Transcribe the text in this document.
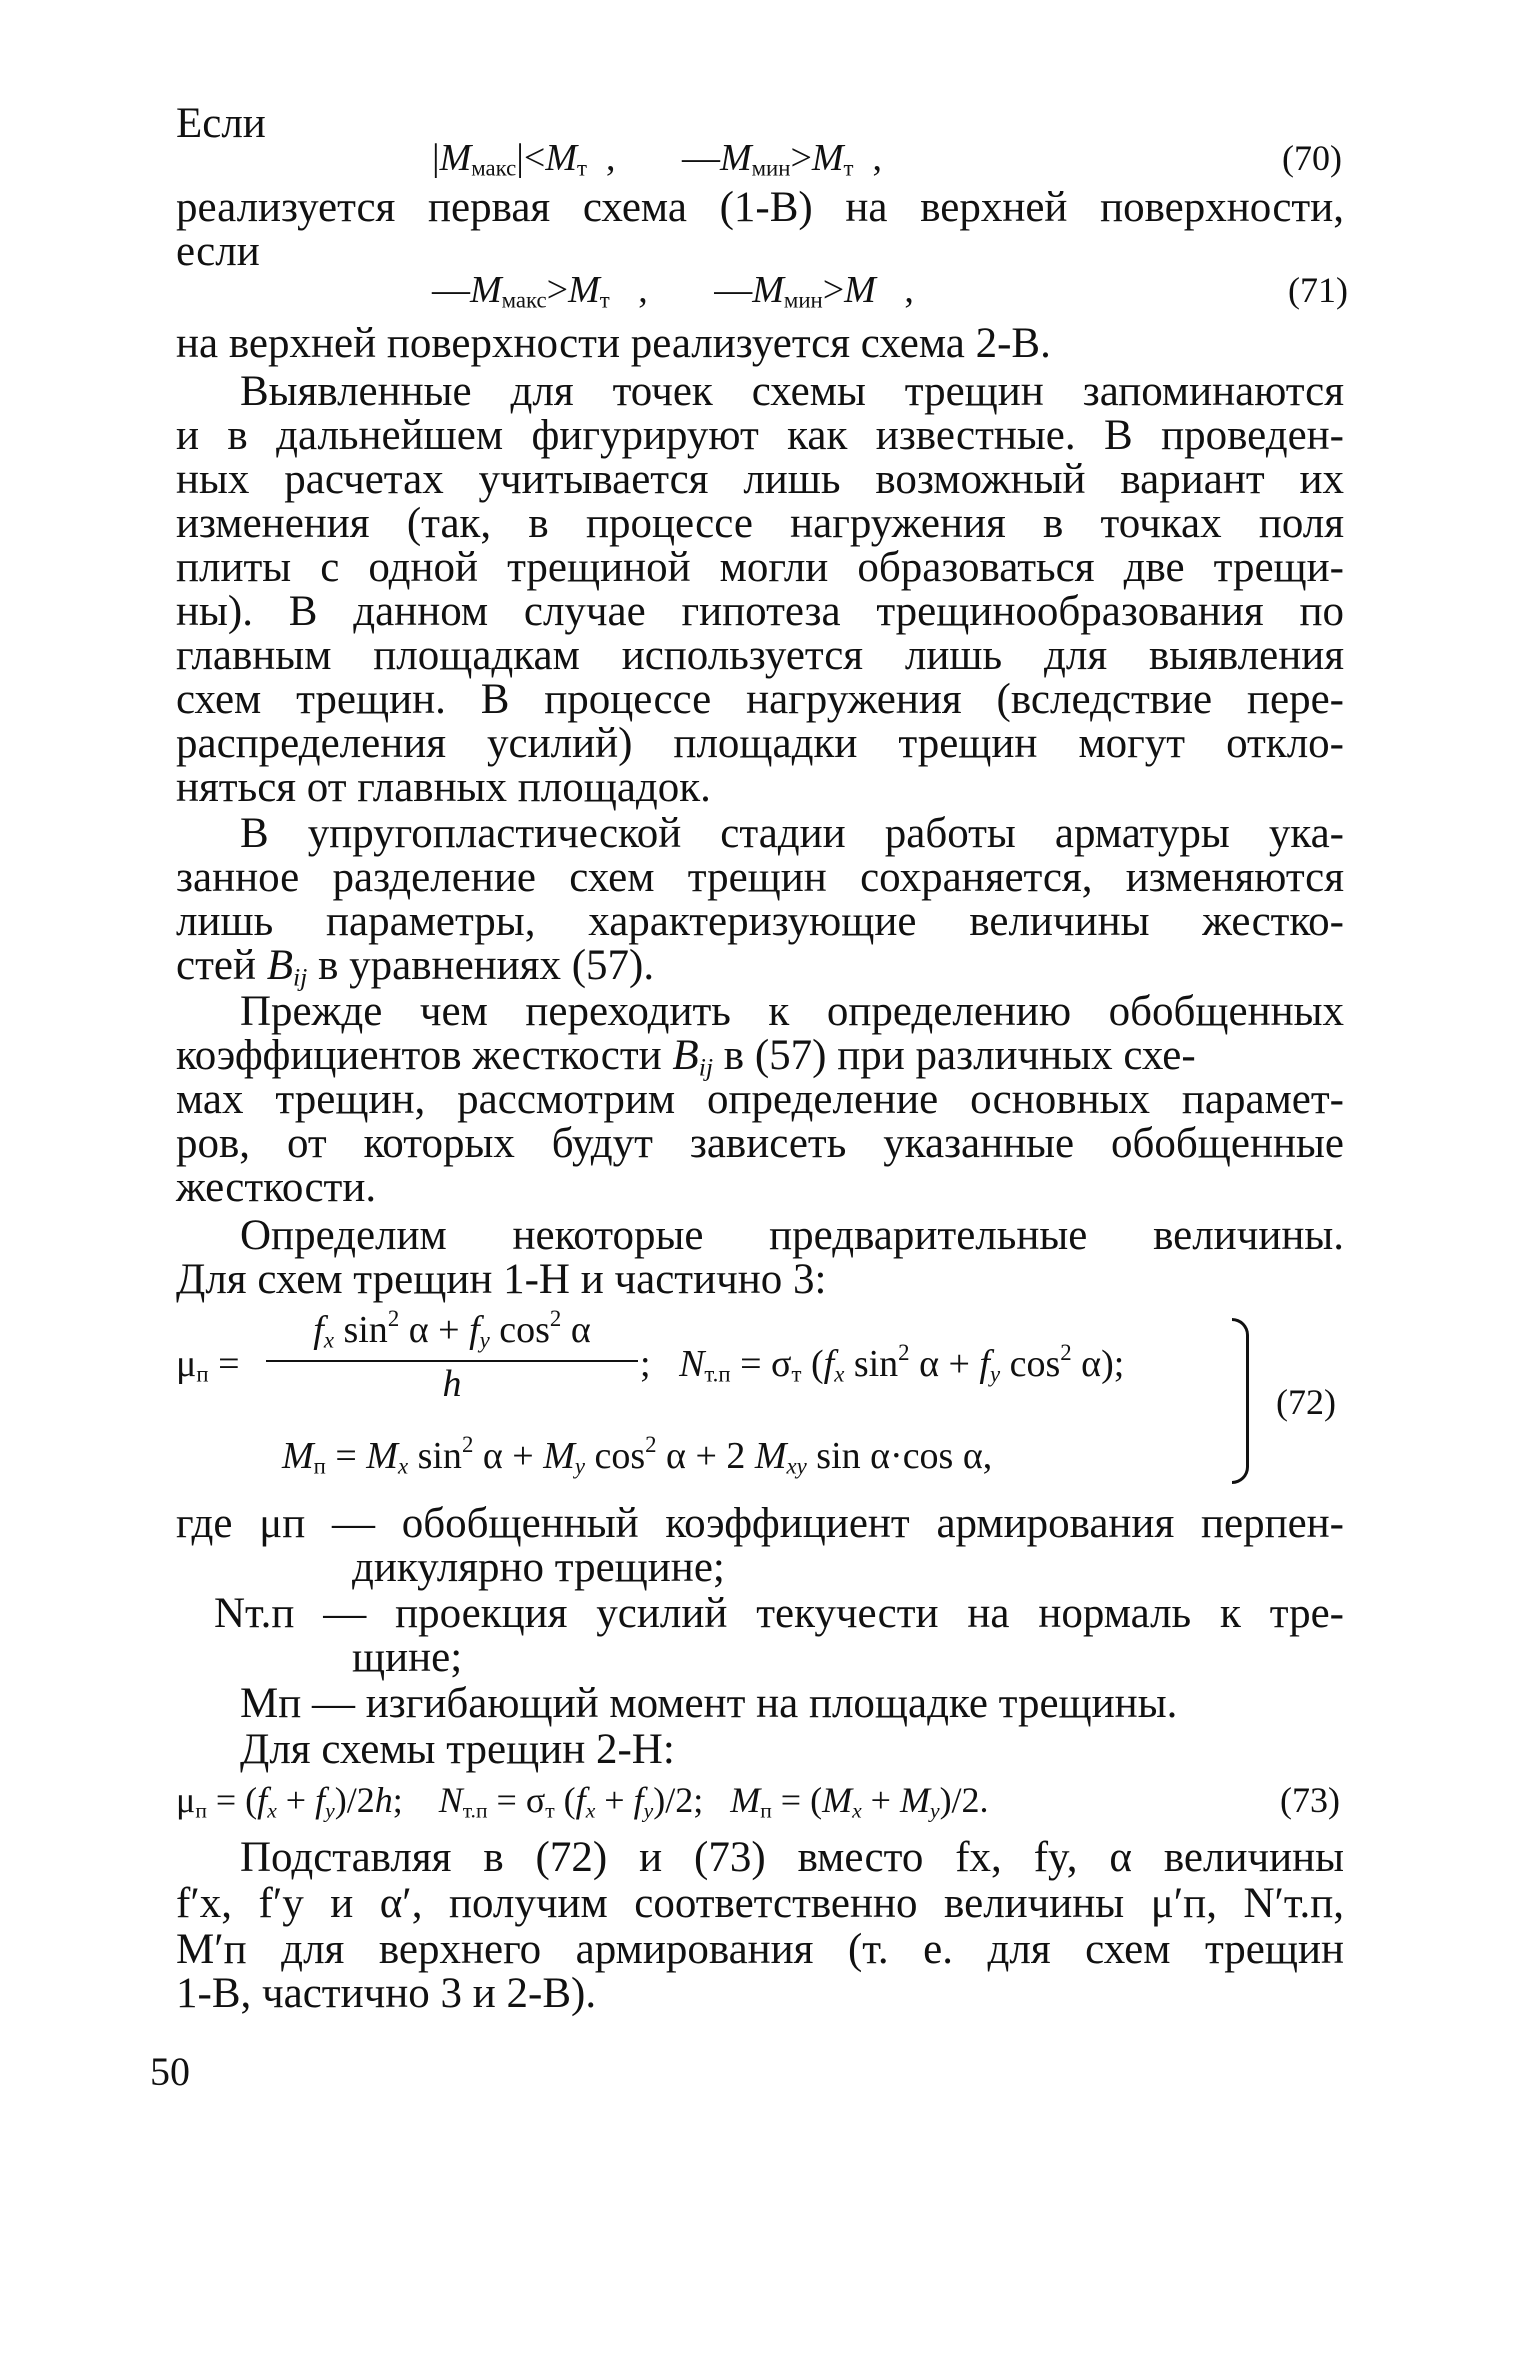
Если
$|M_{макс}|<M_т$  ,       $—M_{мин}>M_т$  ,	(70)
реализуется первая схема (1-В) на верхней поверхности,
если
$—M_{макс}>M_т$   ,       $—M_{мин}>M$   ,	(71)
на верхней поверхности реализуется схема 2-В.
Выявленные для точек схемы трещин запоминаются
и в дальнейшем фигурируют как известные. В проведен-
ных расчетах учитывается лишь возможный вариант их
изменения (так, в процессе нагружения в точках поля
плиты с одной трещиной могли образоваться две трещи-
ны). В данном случае гипотеза трещинообразования по
главным площадкам используется лишь для выявления
схем трещин. В процессе нагружения (вследствие пере-
распределения усилий) площадки трещин могут откло-
няться от главных площадок.
В упругопластической стадии работы арматуры ука-
занное разделение схем трещин сохраняется, изменяются
лишь параметры, характеризующие величины жестко-
стей $B_{ij}$ в уравнениях (57).
Прежде чем переходить к определению обобщенных
коэффициентов жесткости $B_{ij}$ в (57) при различных схе-
мах трещин, рассмотрим определение основных парамет-
ров, от которых будут зависеть указанные обобщенные
жесткости.
Определим некоторые предварительные величины.
Для схем трещин 1-Н и частично 3:
$\mu_п$ =
$f_x$ $\sin^2 \alpha + f_y$ $\cos^2 \alpha$
h	;   $N_{т.п} = \sigma_т$ ($f_x$ $\sin^2 \alpha + f_y$ $\cos^2 \alpha$);
$M_п = M_x$ $\sin^2 \alpha + M_y$ $\cos^2 \alpha + 2$ $M_{xy}$ sin α·cos α,
(72)
где μп — обобщенный коэффициент армирования перпен-
дикулярно трещине;
Nт.п — проекция усилий текучести на нормаль к тре-
щине;
Mп — изгибающий момент на площадке трещины.
Для схемы трещин 2-Н:
$\mu_п = (f_x + f_y)/2h$;    $N_{т.п} = \sigma_т$ $(f_x + f_y)/2$;   $M_п = (M_x + M_y)/2$.	(73)
Подставляя в (72) и (73) вместо fx, fy, α величины
f′x, f′y и α′, получим соответственно величины μ′п, N′т.п,
M′п для верхнего армирования (т. е. для схем трещин
1-В, частично 3 и 2-В).
50
